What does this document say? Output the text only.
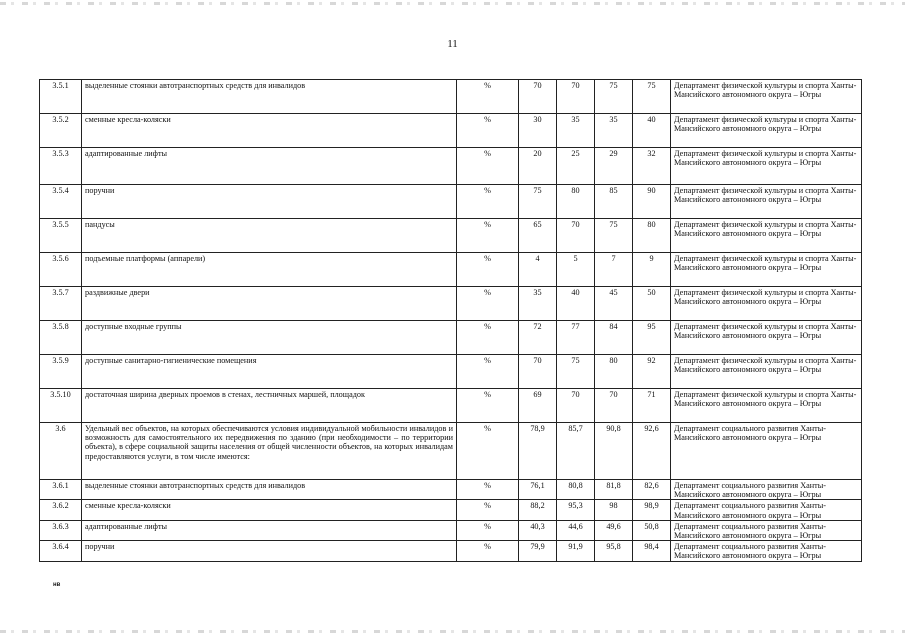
11
3.5.1	выделенные стоянки автотранспортных средств для инвалидов	%	70	70	75	75	Департамент физической культуры и спорта Ханты-Мансийского автономного округа – Югры
3.5.2	сменные кресла-коляски	%	30	35	35	40	Департамент физической культуры и спорта Ханты-Мансийского автономного округа – Югры
3.5.3	адаптированные лифты	%	20	25	29	32	Департамент физической культуры и спорта Ханты-Мансийского автономного округа – Югры
3.5.4	поручни	%	75	80	85	90	Департамент физической культуры и спорта Ханты-Мансийского автономного округа – Югры
3.5.5	пандусы	%	65	70	75	80	Департамент физической культуры и спорта Ханты-Мансийского автономного округа – Югры
3.5.6	подъемные платформы (аппарели)	%	4	5	7	9	Департамент физической культуры и спорта Ханты-Мансийского автономного округа – Югры
3.5.7	раздвижные двери	%	35	40	45	50	Департамент физической культуры и спорта Ханты-Мансийского автономного округа – Югры
3.5.8	доступные входные группы	%	72	77	84	95	Департамент физической культуры и спорта Ханты-Мансийского автономного округа – Югры
3.5.9	доступные санитарно-гигиенические помещения	%	70	75	80	92	Департамент физической культуры и спорта Ханты-Мансийского автономного округа – Югры
3.5.10	достаточная ширина дверных проемов в стенах, лестничных маршей, площадок	%	69	70	70	71	Департамент физической культуры и спорта Ханты-Мансийского автономного округа – Югры
3.6	Удельный вес объектов, на которых обеспечиваются условия индивидуальной мобильности инвалидов и возможность для самостоятельного их передвижения по зданию (при необходимости – по территории объекта), в сфере социальной защиты населения от общей численности объектов, на которых инвалидам предоставляются услуги, в том числе имеются:	%	78,9	85,7	90,8	92,6	Департамент социального развития Ханты-Мансийского автономного округа – Югры
3.6.1	выделенные стоянки автотранспортных средств для инвалидов	%	76,1	80,8	81,8	82,6	Департамент социального развития Ханты-Мансийского автономного округа – Югры
3.6.2	сменные кресла-коляски	%	88,2	95,3	98	98,9	Департамент социального развития Ханты-Мансийского автономного округа – Югры
3.6.3	адаптированные лифты	%	40,3	44,6	49,6	50,8	Департамент социального развития Ханты-Мансийского автономного округа – Югры
3.6.4	поручни	%	79,9	91,9	95,8	98,4	Департамент социального развития Ханты-Мансийского автономного округа – Югры
нв
